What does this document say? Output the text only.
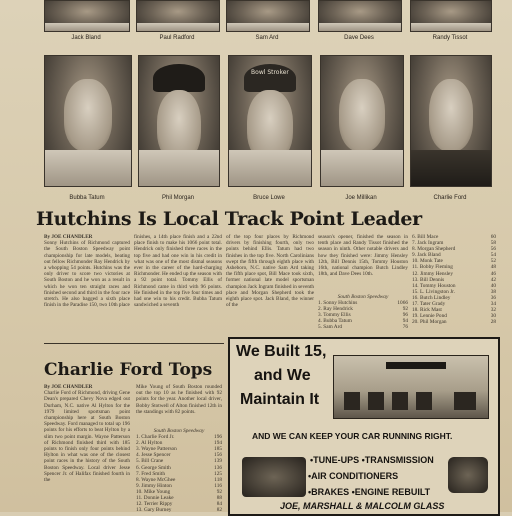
Jack Bland	Paul Radford	Sam Ard	Dave Dees	Randy Tissot
Bowl Stroker
Bubba Tatum	Phil Morgan	Bruce Lowe	Joe Millikan	Charlie Ford
Hutchins Is Local Track Point Leader
By JOE CHANDLER
Sonny Hutchins of Richmond captured the South Boston Speedway point championship for late models, beating out fellow Richmonder Ray Hendrick by a whopping 54 points. Hutchins was the only driver to score two victories at South Boston and he won as a result in which he won ten straight races and finished second and third in the four race stretch. He also bagged a sixth place finish in the Paradise 150, two 10th place
finishes, a 14th place finish and a 22nd place finish to make his 1066 point total. Hendrick only finished three races in the top five and had one win in his credit in what was one of the most dismal seasons ever in the career of the hard-charging Richmonder. He ended up the season with a 92 point total. Tommy Ellis of Richmond came in third with 96 points. He finished in the top five four times and had one win to his credit. Bubba Tatum sandwiched a seventh
of the top four places by Richmond drivers by finishing fourth, only two points behind Ellis. Tatum had two finishes in the top five. North Carolinians swept the fifth through eighth place with Asheboro, N.C. native Sam Ard taking the fifth place spot, Bill Mace took sixth, former national late model sportsman champion Jack Ingram finished in seventh place and Morgan Shepherd took the eighth place spot. Jack Bland, the winner of the
season's opener, finished the season in tenth place and Randy Tissot finished the season in ninth. Other notable drivers and how they finished were: Jimmy Hensley 12th, Bill Dennis 15th, Tommy Houston 16th, national champion Butch Lindley 18th, and Dave Dees 10th.
South Boston Speedway
1. Sonny Hutchins	1066
2. Ray Hendrick	92
3. Tommy Ellis	96
4. Bubba Tatum	94
5. Sam Ard	76
6. Bill Mace	60
7. Jack Ingram	58
8. Morgan Shepherd	56
9. Jack Bland	54
10. Monk Tate	52
11. Bobby Fleming	48
12. Jimmy Hensley	46
13. Bill Dennis	42
14. Tommy Houston	40
15. L. Livingston Jr.	38
16. Butch Lindley	36
17. Tater Grady	34
18. Rick Mast	32
19. Lennie Pond	30
20. Phil Morgan	28
Charlie Ford Tops
By JOE CHANDLER
Charlie Ford of Richmond, driving Gene Dean's prepared Chevy Nova edged out Durham, N.C. native Al Hylton for the 1979 limited sportsman point championship here at South Boston Speedway. Ford managed to total up 196 points for his efforts to beat Hylton by a slim two point margin. Wayne Patterson of Richmond finished third with 185 points to finish only four points behind Hylton in what was one of the closest point races in the history of the South Boston Speedway. Local driver Jesse Spencer Jr. of Halifax finished fourth in the
Mike Young of South Boston rounded out the top 10 as he finished with 92 points for the year. Another local driver, Bobby Stotwell of Alton finished 12th in the standings with 82 points.
South Boston Speedway
1. Charlie Ford Jr.	196
2. Al Hylton	194
3. Wayne Patterson	185
4. Jesse Spencer	156
5. Bill Crane	139
6. George Smith	136
7. Fred Smith	125
8. Wayne McGhee	118
9. Jimmy Hinton	116
10. Mike Young	92
11. Donnie Leake	88
12. Terrier Rippy	84
13. Gary Burney	82
We Built 15,
and We
Maintain It
AND WE CAN KEEP YOUR CAR RUNNING RIGHT.
•TUNE-UPS •TRANSMISSION
•AIR CONDITIONERS
•BRAKES •ENGINE REBUILT
JOE, MARSHALL & MALCOLM GLASS
